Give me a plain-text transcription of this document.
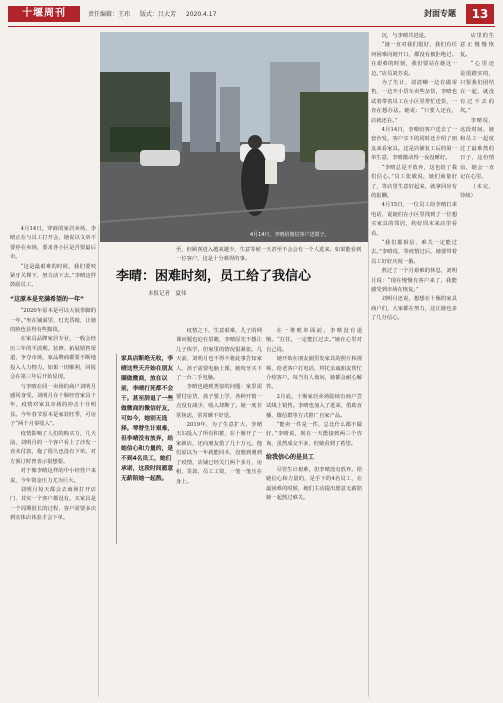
十堰周刊	责任编辑：王玮 版式：吕大芳 2020.4.17	封面专题	13
4月14日，李晴给微信客户送馍子。

4月14日，穿薛的家居卖场，李晴正在与员工打开会，她说以文章不要停在卖场，要求各小区是否要最后市。

“这是最艰难的时候，我们要咬紧牙关撑下，努力活下去。”李晴这样鼓励员工。

“这原本是充满希望的一年”

“2020年原本是可以大展拳脚的一年。”坐在铺面里，灯光昏暗，让她的脸色显得有些黯淡。

在家具品牌家居专业，一般会经历三年的平淡期。装修、拓展销售渠道、争夺市场，家品牌商都要不断地投入人力物力。如果一切顺利，回报会在第三年后开始显现。

与李晴在同一卖场的商户刘明月感同身受。刘明月在十堰经营家具十年，疫情对家具市场的冲击十分明显。今年春节原本是家装旺季，可房子“两个月零收入”。

疫情影响了人们的购买力，几天前，刘明月的一个客户看上了沙发一直未付款，拖了很久也没有下单。对方预订时曾表示很想要。

对于像李晴这样的中小经营户来说，今年资金压力尤为巨大。

刘明月每天都会去商场打开店门，其实一个客户都没有。买家具是一个周期很长的过程，客户需要多次到实体店体验才会下单。

至，但顾客进入越来越少，生意等候一天甚至不会会有一个人进来。如果能看到一位客户，这是十分难得的事。
李晴：困难时刻，员工给了我信心
本报记者　夏伟
家具店断绝无收，李晴这些天开始在朋友圈做微商，放在以前，李晴打死都不会干。甚至辞退了一些做微商的微信好友，可如今，她别无选择。琴替生计艰难，但李晴没有放弃，给她信心和力量的，是不到4名员工，她们承诺，这段时间愿意无薪陪她一起熬。

疫情之下，生意艰难，儿子的网课问题也迫在眉睫，李晴原先不想让儿子休学，但家里的情况很紧张。几天前，刘明月也不得不将此事告知家人，孩子需要电脑上课，她咬牙买下了一台二手电脑。

李晴也遇到类似的问题：家里需要付房贷，孩子要上学，各种开销一点没有减少，收入却断了。她一度非常焦虑，常常睡不好觉。

2019年，为了生意扩大，李晴夫妇投入了所有积蓄，在十堰开了一家新店，还向朋友借了几十万元。他们原以为一年就能回本，没想到遇到了疫情，店铺已经关门两个多月，房租、货款、员工工资，一笔一笔压在身上。

在一堆账单面前，李晴没有退缩。“扛住，一定能扛过去。”她在心里对自己说。

她开始在朋友圈里发家具的照片和视频，给老客户打电话，拜托亲戚朋友帮忙介绍客户。每当有人询问，她都会耐心解答。

2月底，十堰家居卖场陆续有商户尝试线上销售。李晴也加入了进来，借助直播、微信群等方式推广自家产品。

“能卖一件是一件，总比什么都不做好。”李晴说，现在一天能接到两三个咨询，虽然成交不多，但她看到了希望。

给我信心的是员工

尽管生计艰难，但李晴没有放弃。给她信心和力量的，是手下的4名员工，在最困难的时候，她们主动提出愿意无薪陪她一起熬过难关。

沉，与李晴共进退。

“她一直对我们很好，我们有任何困难向她开口，都没有被拒绝过。在艰难的时刻，我们要站在她这一边。”店员刘芳说。

为了生计，刘清嘲一边在做零售，一边开小货车卖些杂货，李晴也试着带着员工在小区里帮忙送货，一直在想办法。她说：“只要人还在，店就还在。”

4月14日，李晴给客户送去了一套沙发，客户买下的同时还介绍了朋友来看家具。这是店铺复工后的第一单生意，李晴激动得一夜没睡好。

“李晴总是不放弃，这也给了我们信心。”员工张敏说，她们商量好了，等店里生意好起来，就拿回应有的报酬。

4月15日，一位员工给李晴打来电话，说她们在小区里找到了一位想买家具的邻居，约好周末来店里看看。

“我们都相信，难关一定能过去。”李晴说，等疫情过后，她要带着员工好好庆祝一番。

熬过了一个月艰难的休息，刘明月说：“现在慢慢有客户来了，我能感受到市场在恢复。”

刘明月还说，想想在十堰的家具商户们，大家都在努力，这让她也多了几分信心。

店里的生意正慢慢恢复。

“心里还是很踏实的，只要我们团结在一起，就没有过不去的坎。”

李晴说，这段时间，她和员工一起度过了最难熬的日子，这份情谊，她会一直记在心里。

（未完，待续）
